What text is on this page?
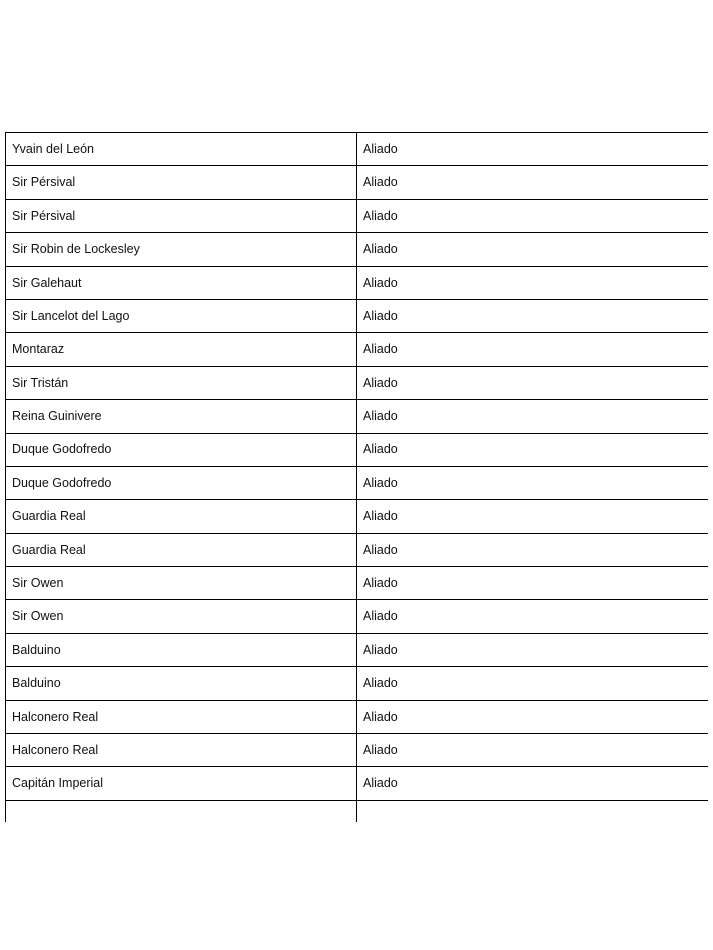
Yvain del León	Aliado
Sir Pérsival	Aliado
Sir Pérsival	Aliado
Sir Robin de Lockesley	Aliado
Sir Galehaut	Aliado
Sir Lancelot del Lago	Aliado
Montaraz	Aliado
Sir Tristán	Aliado
Reina Guinivere	Aliado
Duque Godofredo	Aliado
Duque Godofredo	Aliado
Guardia Real	Aliado
Guardia Real	Aliado
Sir Owen	Aliado
Sir Owen	Aliado
Balduino	Aliado
Balduino	Aliado
Halconero Real	Aliado
Halconero Real	Aliado
Capitán Imperial	Aliado
